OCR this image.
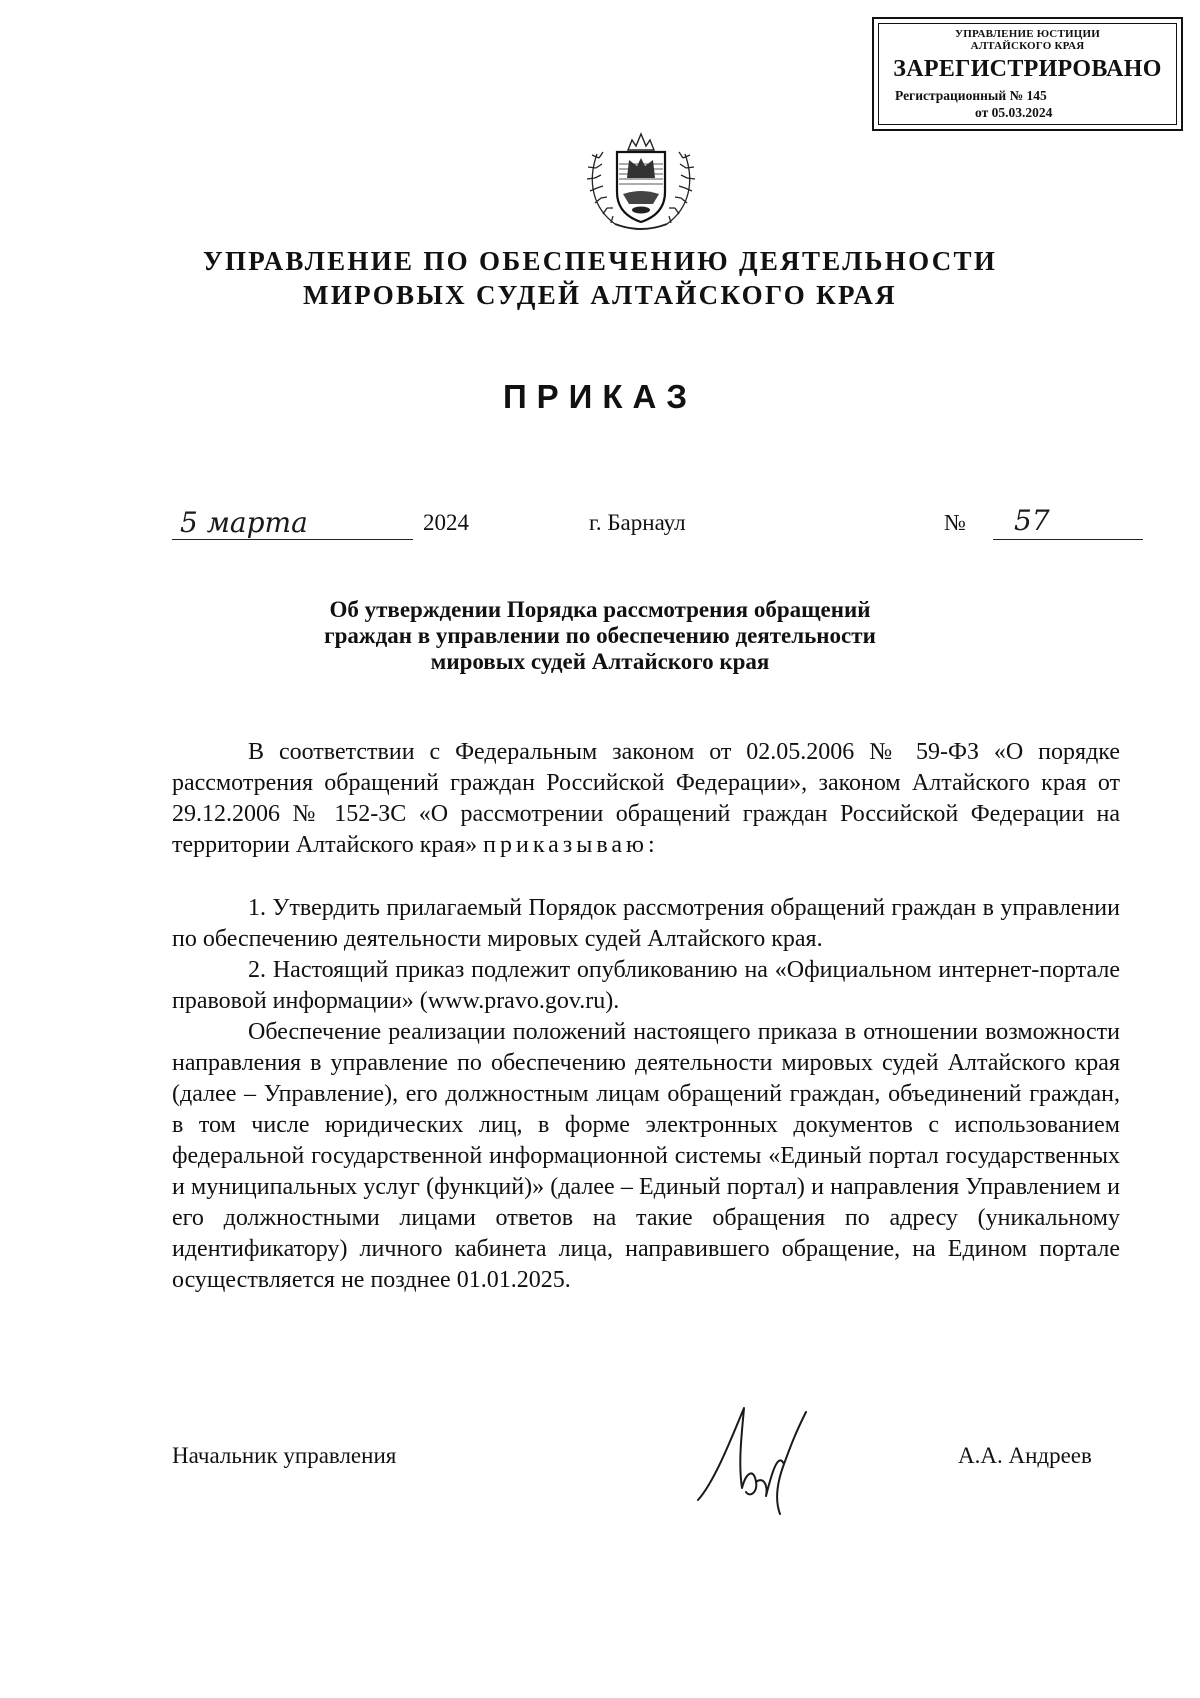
УПРАВЛЕНИЕ ЮСТИЦИИ
АЛТАЙСКОГО КРАЯ
ЗАРЕГИСТРИРОВАНО
Регистрационный № 145
от 05.03.2024
УПРАВЛЕНИЕ ПО ОБЕСПЕЧЕНИЮ ДЕЯТЕЛЬНОСТИ
МИРОВЫХ СУДЕЙ АЛТАЙСКОГО КРАЯ
ПРИКАЗ
5 марта	2024	г. Барнаул	№ 57
Об утверждении Порядка рассмотрения обращений
граждан в управлении по обеспечению деятельности
мировых судей Алтайского края

В соответствии с Федеральным законом от 02.05.2006 № 59-ФЗ «О порядке рассмотрения обращений граждан Российской Федерации», законом Алтайского края от 29.12.2006 № 152-ЗС «О рассмотрении обращений граждан Российской Федерации на территории Алтайского края» приказываю:

1. Утвердить прилагаемый Порядок рассмотрения обращений граждан в управлении по обеспечению деятельности мировых судей Алтайского края.

2. Настоящий приказ подлежит опубликованию на «Официальном интернет-портале правовой информации» (www.pravo.gov.ru).

Обеспечение реализации положений настоящего приказа в отношении возможности направления в управление по обеспечению деятельности мировых судей Алтайского края (далее – Управление), его должностным лицам обращений граждан, объединений граждан, в том числе юридических лиц, в форме электронных документов с использованием федеральной государственной информационной системы «Единый портал государственных и муниципальных услуг (функций)» (далее – Единый портал) и направления Управлением и его должностными лицами ответов на такие обращения по адресу (уникальному идентификатору) личного кабинета лица, направившего обращение, на Едином портале осуществляется не позднее 01.01.2025.

Начальник управления	А.А. Андреев
